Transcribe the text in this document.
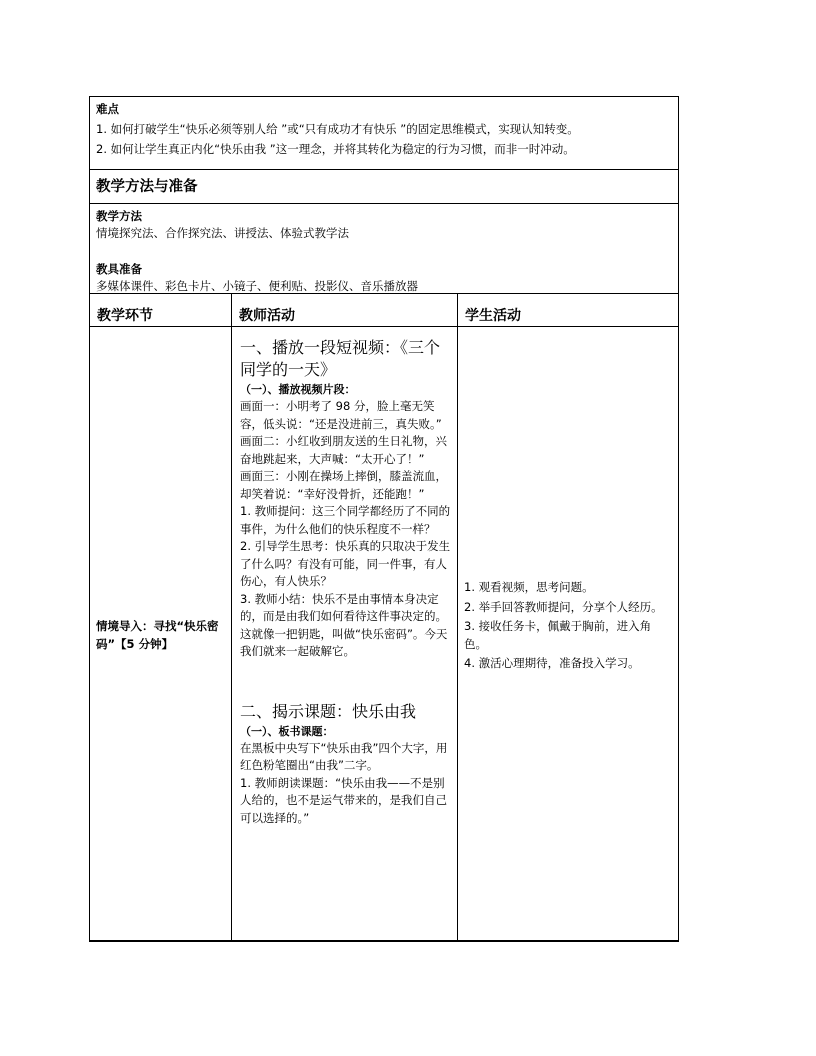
难点
1. 如何打破学生“快乐必须等别人给 ”或“只有成功才有快乐 ”的固定思维模式，实现认知转变。
2. 如何让学生真正内化“快乐由我 ”这一理念，并将其转化为稳定的行为习惯，而非一时冲动。
教学方法与准备
教学方法
情境探究法、合作探究法、讲授法、体验式教学法
教具准备
多媒体课件、彩色卡片、小镜子、便利贴、投影仪、音乐播放器
教学环节	教师活动	学生活动
情境导入：寻找“快乐密码”【5 分钟】
一、播放一段短视频：《三个同学的一天》
（一）、播放视频片段：
画面一：小明考了 98 分，脸上毫无笑容，低头说：“还是没进前三，真失败。”
画面二：小红收到朋友送的生日礼物，兴奋地跳起来，大声喊：“太开心了！”
画面三：小刚在操场上摔倒，膝盖流血，却笑着说：“幸好没骨折，还能跑！”
1. 教师提问：这三个同学都经历了不同的事件，为什么他们的快乐程度不一样？
2. 引导学生思考：快乐真的只取决于发生了什么吗？有没有可能，同一件事，有人伤心，有人快乐？
3. 教师小结：快乐不是由事情本身决定的，而是由我们如何看待这件事决定的。这就像一把钥匙，叫做“快乐密码”。今天我们就来一起破解它。
二、揭示课题：快乐由我
（一）、板书课题：
在黑板中央写下“快乐由我”四个大字，用红色粉笔圈出“由我”二字。
1. 教师朗读课题：“快乐由我——不是别人给的，也不是运气带来的，是我们自己可以选择的。”
1. 观看视频，思考问题。
2. 举手回答教师提问，分享个人经历。
3. 接收任务卡，佩戴于胸前，进入角色。
4. 激活心理期待，准备投入学习。
